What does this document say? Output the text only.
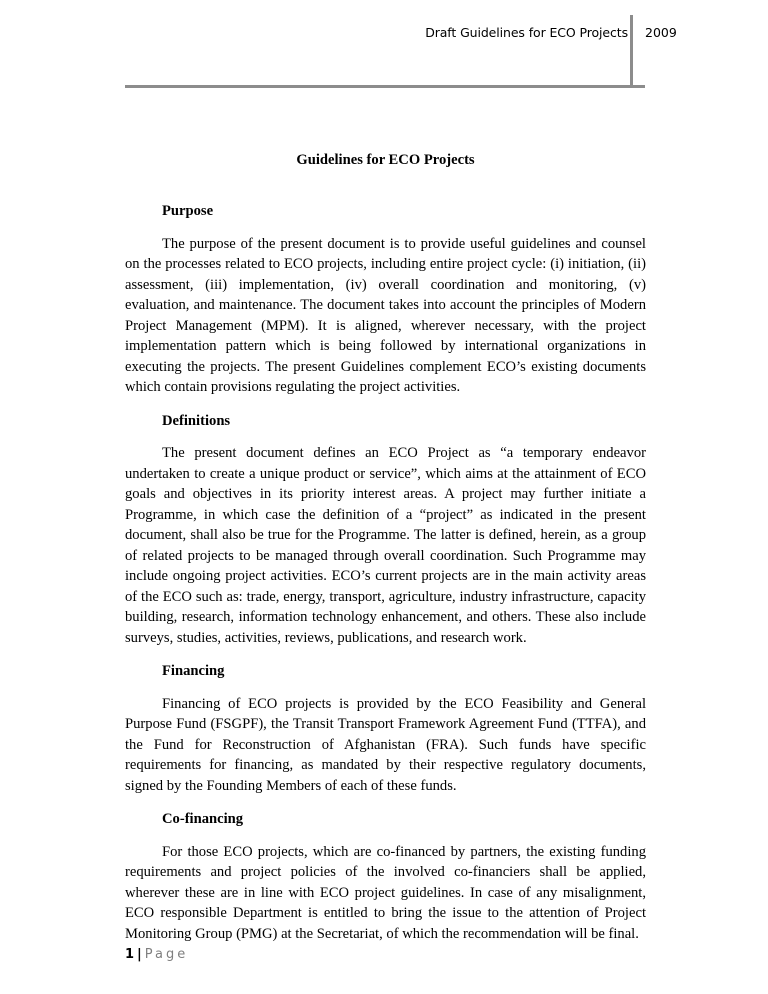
Draft Guidelines for ECO Projects 2009
Guidelines for ECO Projects
Purpose

The purpose of the present document is to provide useful guidelines and counsel on the processes related to ECO projects, including entire project cycle: (i) initiation, (ii) assessment, (iii) implementation, (iv) overall coordination and monitoring, (v) evaluation, and maintenance. The document takes into account the principles of Modern Project Management (MPM). It is aligned, wherever necessary, with the project implementation pattern which is being followed by international organizations in executing the projects. The present Guidelines complement ECO’s existing documents which contain provisions regulating the project activities.

Definitions

The present document defines an ECO Project as “a temporary endeavor undertaken to create a unique product or service”, which aims at the attainment of ECO goals and objectives in its priority interest areas. A project may further initiate a Programme, in which case the definition of a “project” as indicated in the present document, shall also be true for the Programme. The latter is defined, herein, as a group of related projects to be managed through overall coordination. Such Programme may include ongoing project activities. ECO’s current projects are in the main activity areas of the ECO such as: trade, energy, transport, agriculture, industry infrastructure, capacity building, research, information technology enhancement, and others. These also include surveys, studies, activities, reviews, publications, and research work.

Financing

Financing of ECO projects is provided by the ECO Feasibility and General Purpose Fund (FSGPF), the Transit Transport Framework Agreement Fund (TTFA), and the Fund for Reconstruction of Afghanistan (FRA). Such funds have specific requirements for financing, as mandated by their respective regulatory documents, signed by the Founding Members of each of these funds.

Co-financing

For those ECO projects, which are co-financed by partners, the existing funding requirements and project policies of the involved co-financiers shall be applied, wherever these are in line with ECO project guidelines. In case of any misalignment, ECO responsible Department is entitled to bring the issue to the attention of Project Monitoring Group (PMG) at the Secretariat, of which the recommendation will be final.

1 | Page
